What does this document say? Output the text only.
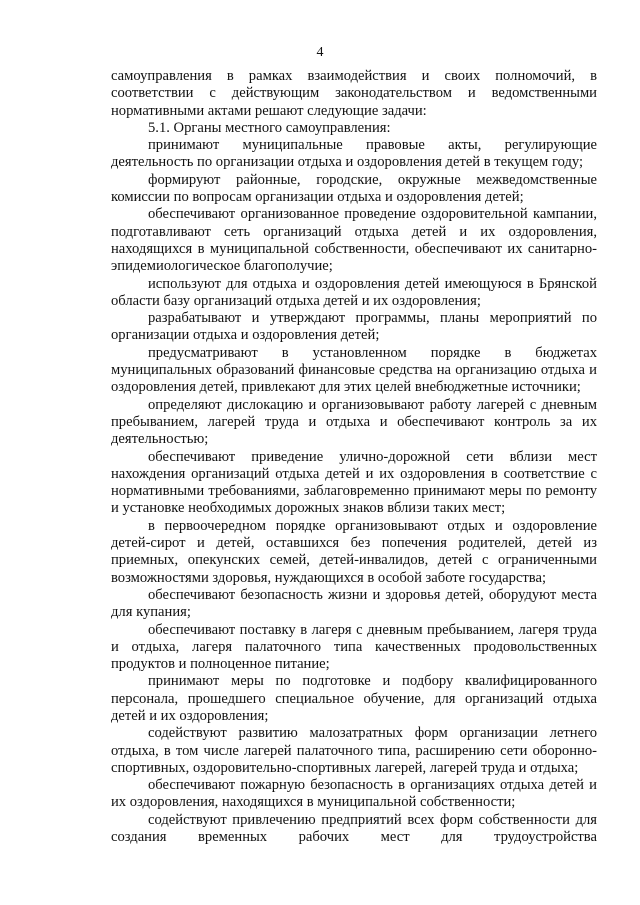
4

самоуправления в рамках взаимодействия и своих полномочий, в соответствии с действующим законодательством и ведомственными нормативными актами решают следующие задачи:

5.1. Органы местного самоуправления:

принимают муниципальные правовые акты, регулирующие деятельность по организации отдыха и оздоровления детей в текущем году;

формируют районные, городские, окружные межведомственные комиссии по вопросам организации отдыха и оздоровления детей;

обеспечивают организованное проведение оздоровительной кампании, подготавливают сеть организаций отдыха детей и их оздоровления, находящихся в муниципальной собственности, обеспечивают их санитарно-эпидемиологическое благополучие;

используют для отдыха и оздоровления детей имеющуюся в Брянской области базу организаций отдыха детей и их оздоровления;

разрабатывают и утверждают программы, планы мероприятий по организации отдыха и оздоровления детей;

предусматривают в установленном порядке в бюджетах муниципальных образований финансовые средства на организацию отдыха и оздоровления детей, привлекают для этих целей внебюджетные источники;

определяют дислокацию и организовывают работу лагерей с дневным пребыванием, лагерей труда и отдыха и обеспечивают контроль за их деятельностью;

обеспечивают приведение улично-дорожной сети вблизи мест нахождения организаций отдыха детей и их оздоровления в соответствие с нормативными требованиями, заблаговременно принимают меры по ремонту и установке необходимых дорожных знаков вблизи таких мест;

в первоочередном порядке организовывают отдых и оздоровление детей-сирот и детей, оставшихся без попечения родителей, детей из приемных, опекунских семей, детей-инвалидов, детей с ограниченными возможностями здоровья, нуждающихся в особой заботе государства;

обеспечивают безопасность жизни и здоровья детей, оборудуют места для купания;

обеспечивают поставку в лагеря с дневным пребыванием, лагеря труда и отдыха, лагеря палаточного типа качественных продовольственных продуктов и полноценное питание;

принимают меры по подготовке и подбору квалифицированного персонала, прошедшего специальное обучение, для организаций отдыха детей и их оздоровления;

содействуют развитию малозатратных форм организации летнего отдыха, в том числе лагерей палаточного типа, расширению сети оборонно-спортивных, оздоровительно-спортивных лагерей, лагерей труда и отдыха;

обеспечивают пожарную безопасность в организациях отдыха детей и их оздоровления, находящихся в муниципальной собственности;

содействуют привлечению предприятий всех форм собственности для создания временных рабочих мест для трудоустройства
